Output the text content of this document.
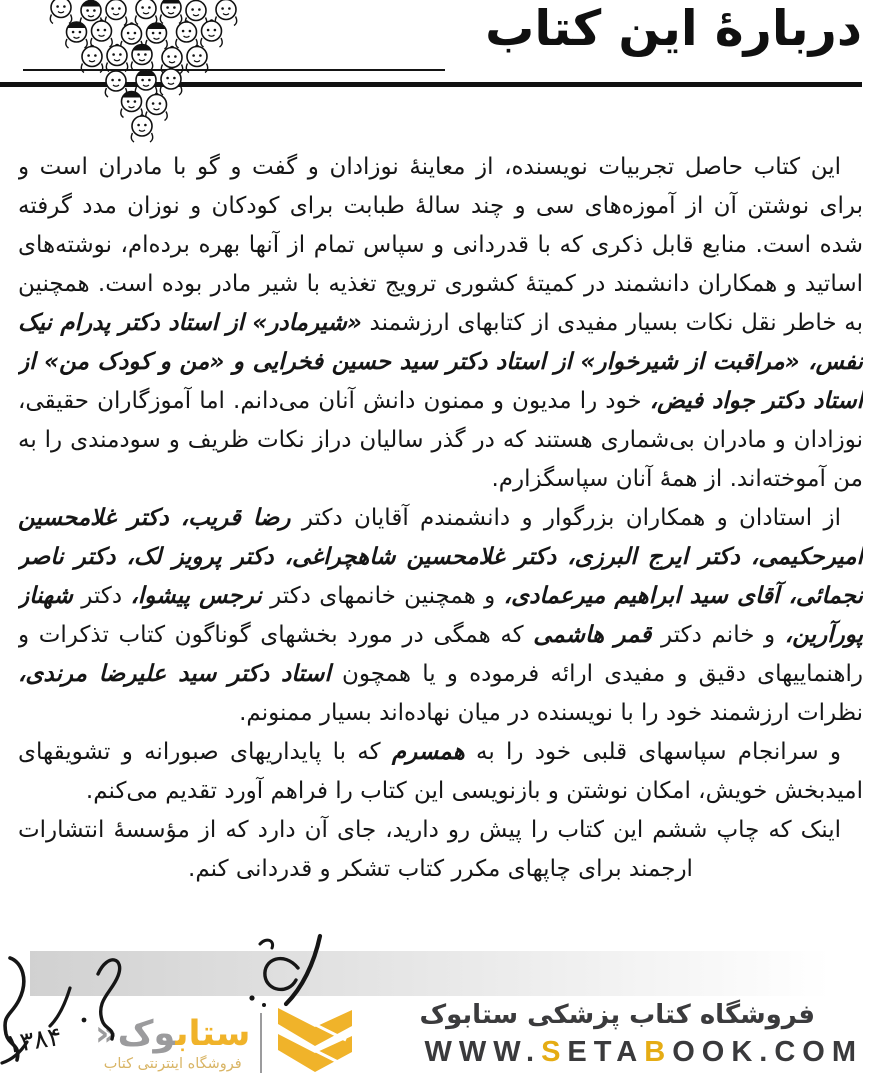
دربارهٔ این کتاب

این کتاب حاصل تجربیات نویسنده، از معاینهٔ نوزادان و گفت و گو با مادران است و برای نوشتن آن از آموزه‌های سی و چند سالهٔ طبابت برای کودکان و نوزان مدد گرفته شده است. منابع قابل ذکری که با قدردانی و سپاس تمام از آنها بهره برده‌ام، نوشته‌های اساتید و همکاران دانشمند در کمیتهٔ کشوری ترویج تغذیه با شیر مادر بوده است. همچنین به خاطر نقل نکات بسیار مفیدی از کتابهای ارزشمند «شیرمادر» از استاد دکتر پدرام نیک نفس، «مراقبت از شیرخوار» از استاد دکتر سید حسین فخرایی و «من و کودک من» از استاد دکتر جواد فیض، خود را مدیون و ممنون دانش آنان می‌دانم. اما آموزگاران حقیقی، نوزادان و مادران بی‌شماری هستند که در گذر سالیان دراز نکات ظریف و سودمندی را به من آموخته‌اند. از همهٔ آنان سپاسگزارم.

از استادان و همکاران بزرگوار و دانشمندم آقایان دکتر رضا قریب، دکتر غلامحسین امیرحکیمی، دکتر ایرج البرزی، دکتر غلامحسین شاهچراغی، دکتر پرویز لک، دکتر ناصر نجمائی، آقای سید ابراهیم میرعمادی، و همچنین خانمهای دکتر نرجس پیشوا، دکتر شهناز پورآرین، و خانم دکتر قمر هاشمی که همگی در مورد بخشهای گوناگون کتاب تذکرات و راهنماییهای دقیق و مفیدی ارائه فرموده و یا همچون استاد دکتر سید علیرضا مرندی، نظرات ارزشمند خود را با نویسنده در میان نهاده‌اند بسیار ممنونم.

و سرانجام سپاسهای قلبی خود را به همسرم که با پایداریهای صبورانه و تشویقهای امیدبخش خویش، امکان نوشتن و بازنویسی این کتاب را فراهم آورد تقدیم می‌کنم.

اینک که چاپ ششم این کتاب را پیش رو دارید، جای آن دارد که از مؤسسهٔ انتشارات ارجمند برای چاپهای مکرر کتاب تشکر و قدردانی کنم.

۱۳۸۴
فروشگاه کتاب پزشکی ستابوک
WWW.SETABOOK.COM
ستابوک«
فروشگاه اینترنتی کتاب
